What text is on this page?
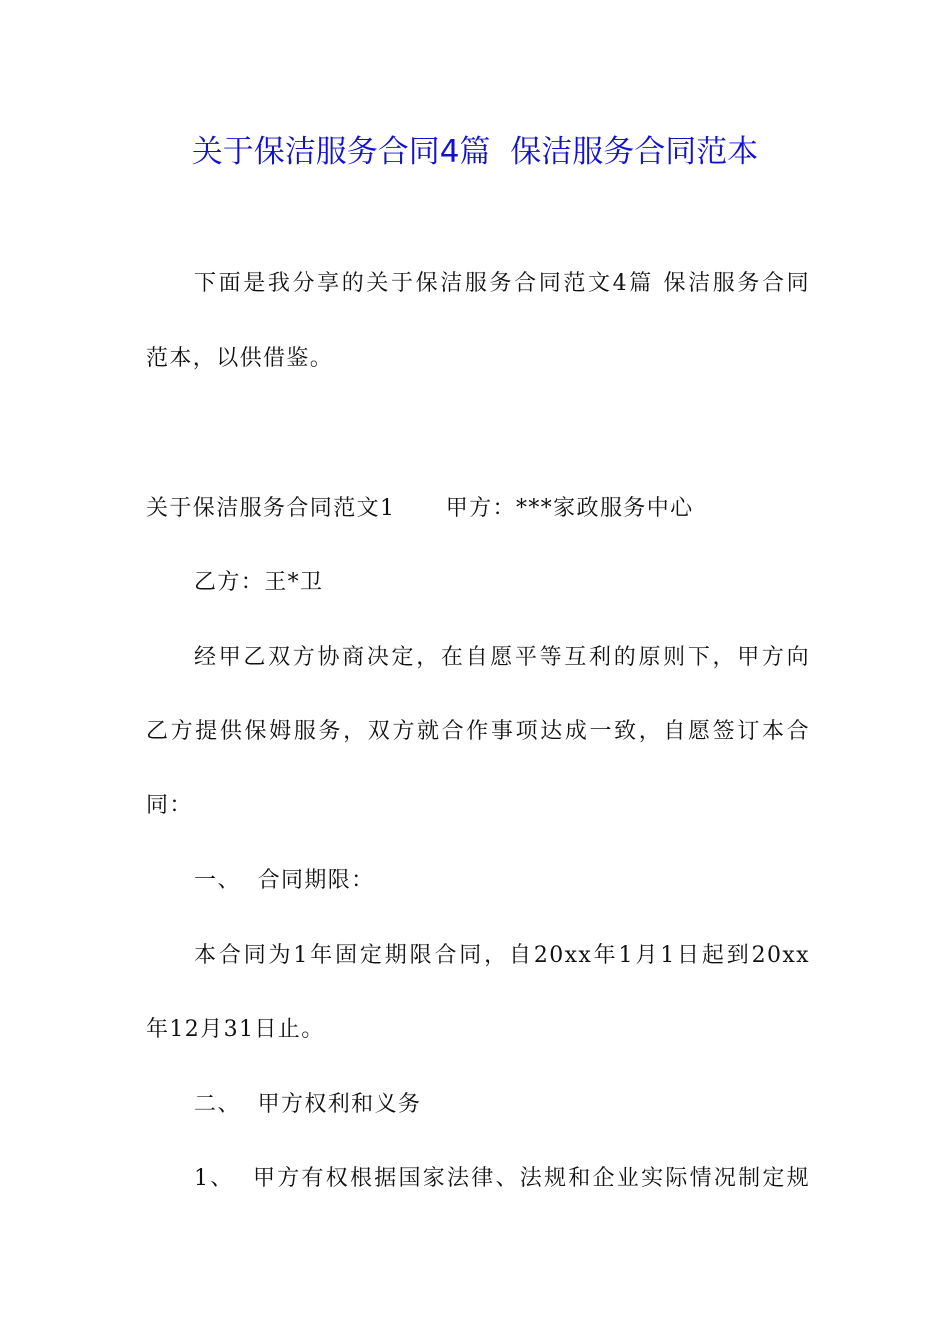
关于保洁服务合同4篇  保洁服务合同范本
下面是我分享的关于保洁服务合同范文4篇 保洁服务合同
范本，以供借鉴。
关于保洁服务合同范文1      甲方：***家政服务中心
乙方：王*卫
经甲乙双方协商决定，在自愿平等互利的原则下，甲方向
乙方提供保姆服务，双方就合作事项达成一致，自愿签订本合
同：
一、  合同期限：
本合同为1年固定期限合同，自20xx年1月1日起到20xx
年12月31日止。
二、  甲方权利和义务
1、  甲方有权根据国家法律、法规和企业实际情况制定规
